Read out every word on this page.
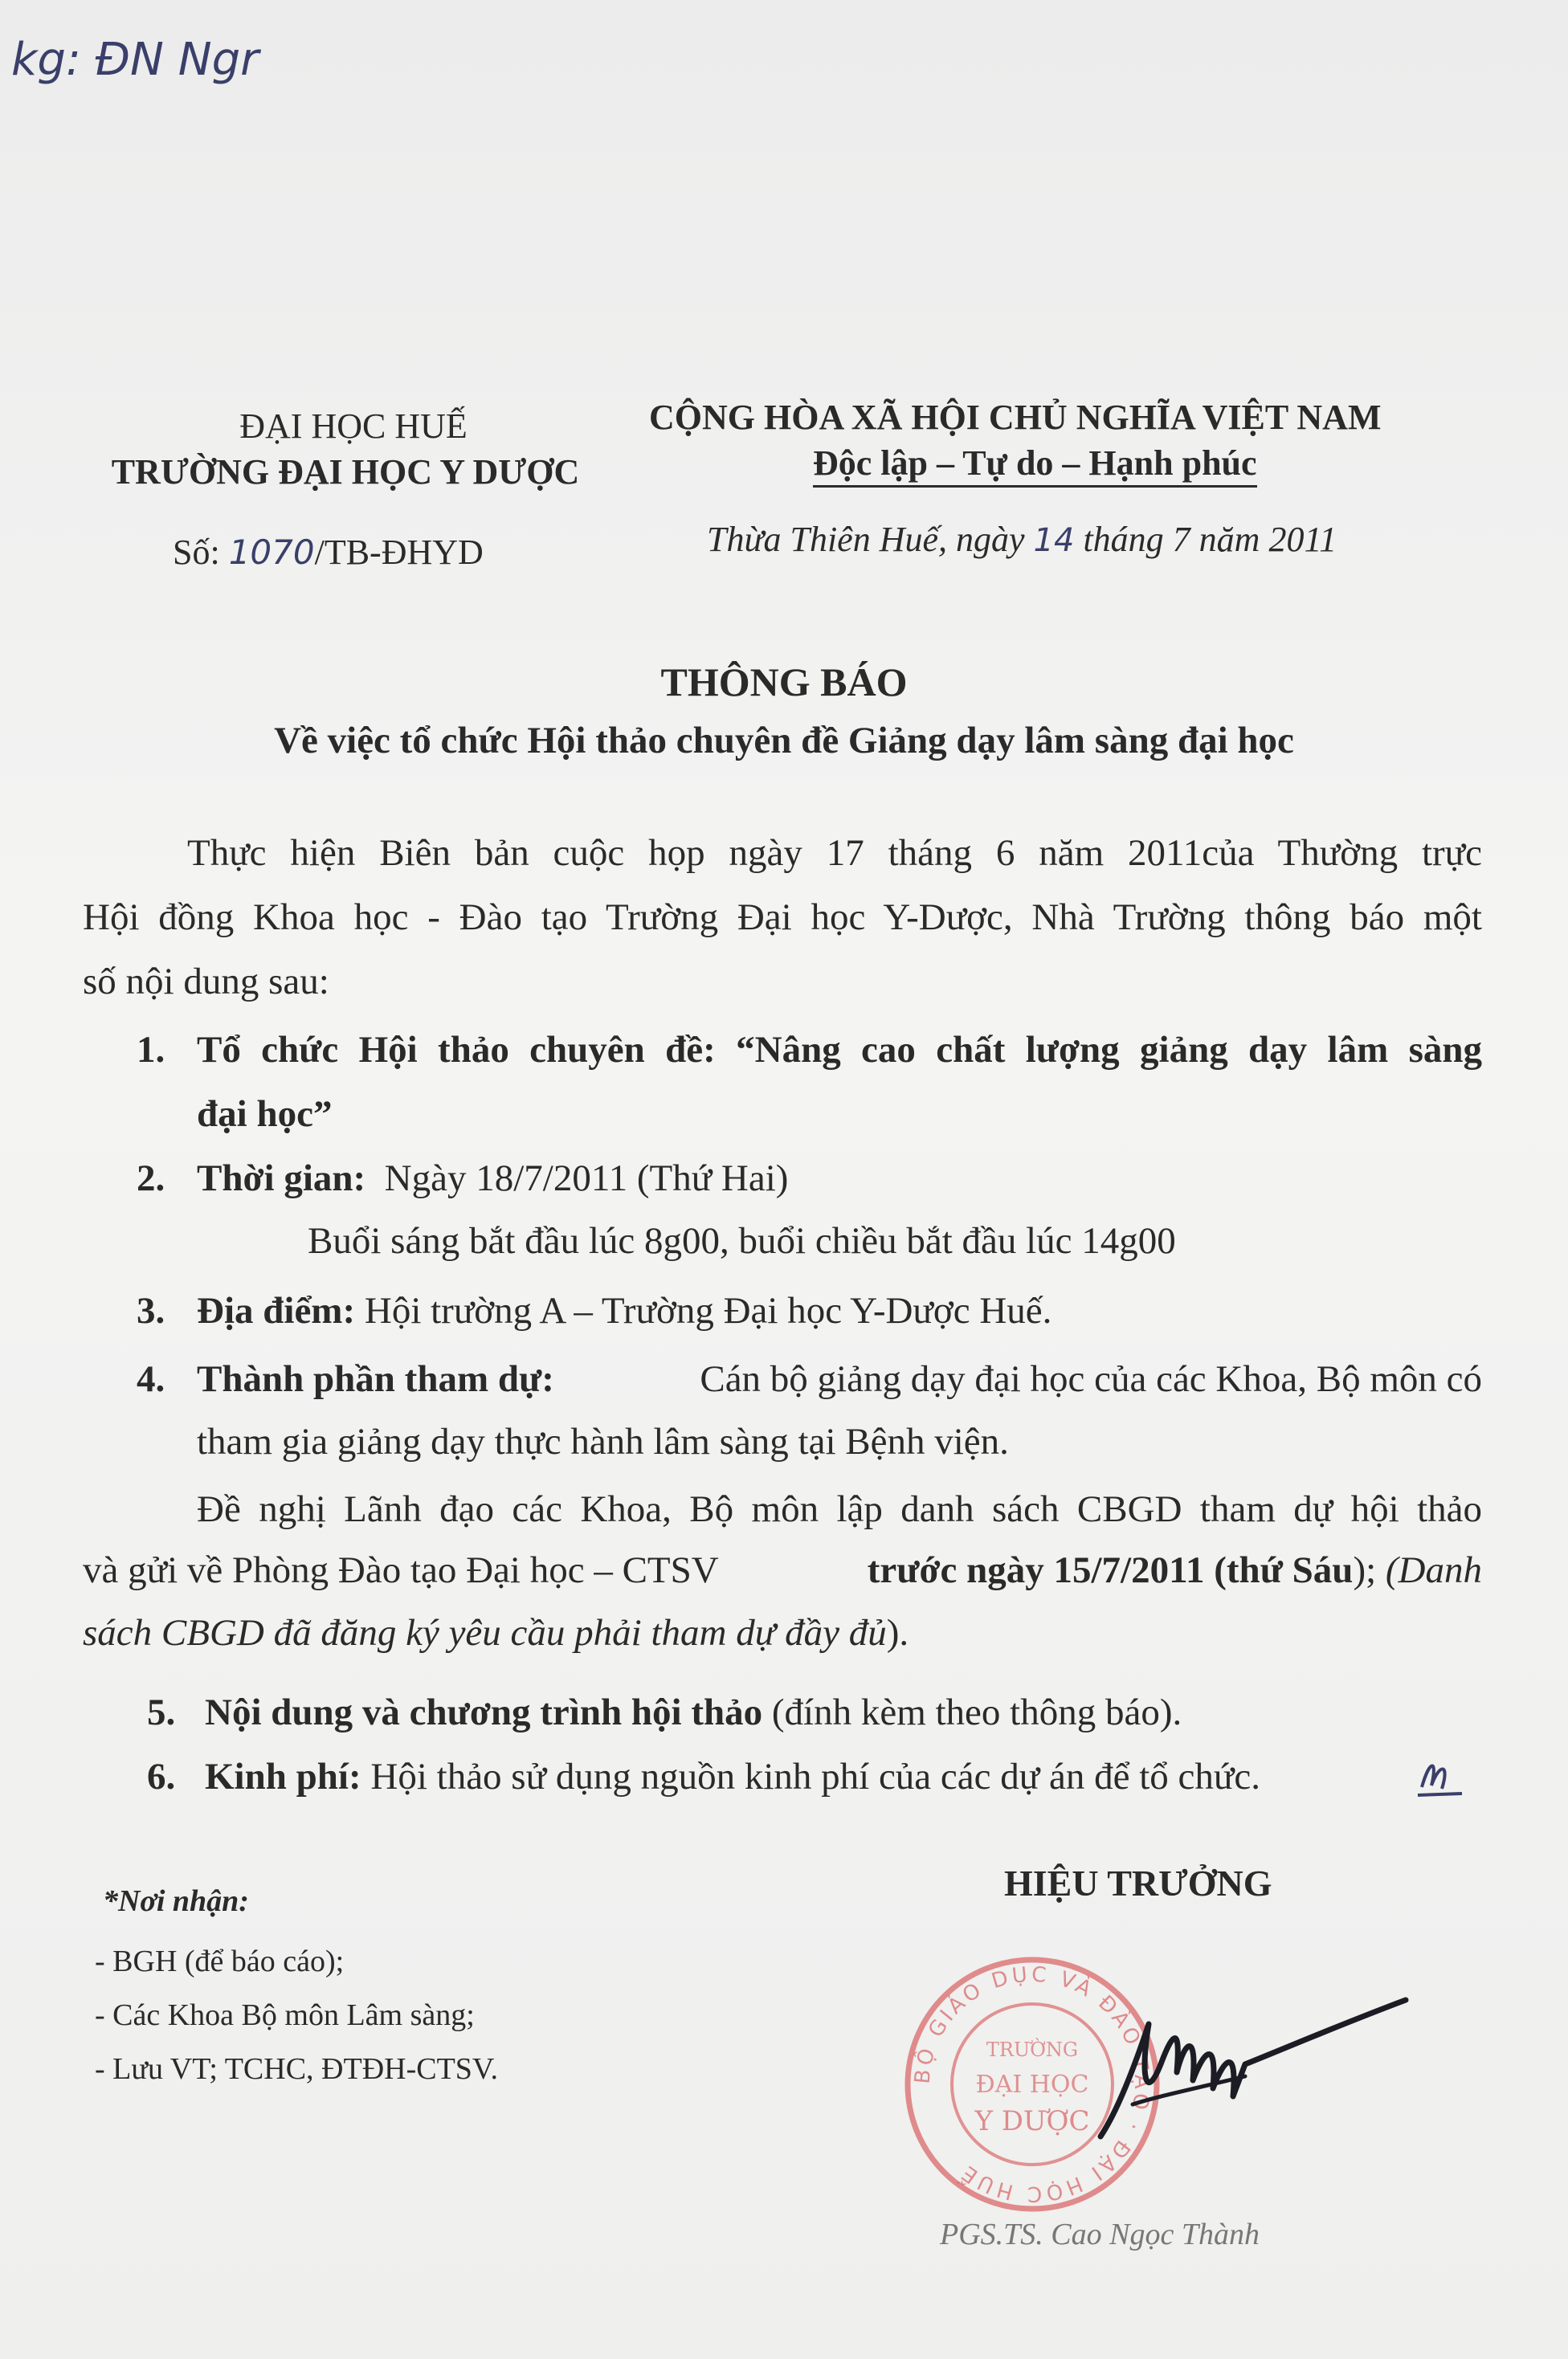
kg: ĐN Ngr
ĐẠI HỌC HUẾ
TRƯỜNG ĐẠI HỌC Y DƯỢC
Số: 1070/TB-ĐHYD
CỘNG HÒA XÃ HỘI CHỦ NGHĨA VIỆT NAM
Độc lập – Tự do – Hạnh phúc
Thừa Thiên Huế, ngày 14 tháng 7 năm 2011
THÔNG BÁO
Về việc tổ chức Hội thảo chuyên đề Giảng dạy lâm sàng đại học
Thực hiện Biên bản cuộc họp ngày 17 tháng 6 năm 2011của Thường trực
Hội đồng Khoa học - Đào tạo Trường Đại học Y-Dược, Nhà Trường thông báo một
số nội dung sau:
1. Tổ chức Hội thảo chuyên đề: “Nâng cao chất lượng giảng dạy lâm sàng
đại học”
2. Thời gian: Ngày 18/7/2011 (Thứ Hai)
Buổi sáng bắt đầu lúc 8g00, buổi chiều bắt đầu lúc 14g00
3. Địa điểm: Hội trường A – Trường Đại học Y-Dược Huế.
4. Thành phần tham dự:	Cán bộ giảng dạy đại học của các Khoa, Bộ môn có
tham gia giảng dạy thực hành lâm sàng tại Bệnh viện.
Đề nghị Lãnh đạo các Khoa, Bộ môn lập danh sách CBGD tham dự hội thảo
và gửi về Phòng Đào tạo Đại học – CTSV	trước ngày 15/7/2011 (thứ Sáu); (Danh
sách CBGD đã đăng ký yêu cầu phải tham dự đầy đủ).
5. Nội dung và chương trình hội thảo (đính kèm theo thông báo).
6. Kinh phí: Hội thảo sử dụng nguồn kinh phí của các dự án để tổ chức.
*Nơi nhận:
- BGH (để báo cáo);
- Các Khoa Bộ môn Lâm sàng;
- Lưu VT; TCHC, ĐTĐH-CTSV.
HIỆU TRƯỞNG
BỘ GIÁO DỤC VÀ ĐÀO TẠO · ĐẠI HỌC HUẾ
TRƯỜNG
ĐẠI HỌC
Y DƯỢC
PGS.TS. Cao Ngọc Thành
